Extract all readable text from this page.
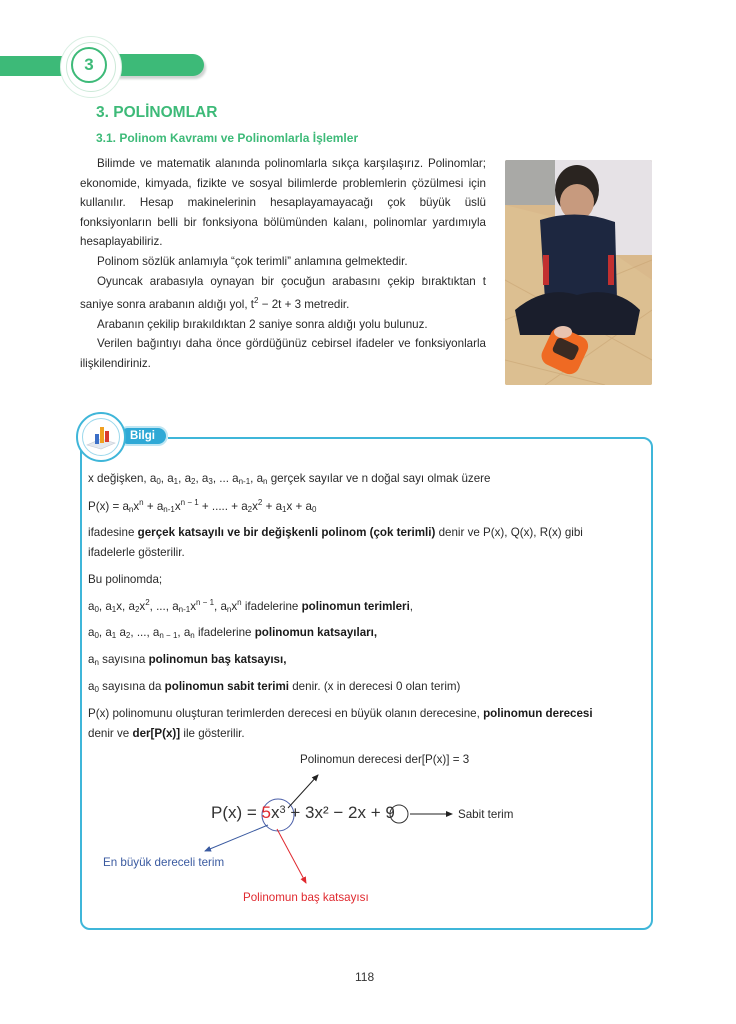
3
3. POLİNOMLAR
3.1. Polinom Kavramı ve Polinomlarla İşlemler

Bilimde ve matematik alanında polinomlarla sıkça karşılaşırız. Polinomlar; ekonomide, kimyada, fizikte ve sosyal bilimlerde problemlerin çözülmesi için kullanılır. Hesap makinelerinin hesaplayamayacağı çok büyük üslü fonksiyonların belli bir fonksiyona bölümünden kalanı, polinomlar yardımıyla hesaplayabiliriz.

Polinom sözlük anlamıyla “çok terimli” anlamına gelmektedir.

Oyuncak arabasıyla oynayan bir çocuğun arabasını çekip bıraktıktan t saniye sonra arabanın aldığı yol, $t^2 - 2t + 3$ metredir.

Arabanın çekilip bırakıldıktan 2 saniye sonra aldığı yolu bulunuz.

Verilen bağıntıyı daha önce gördüğünüz cebirsel ifadeler ve fonksiyonlarla ilişkilendiriniz.

Bilgi
x değişken, $a_0$, $a_1$, $a_2$, $a_3$, ... $a_{n-1}$, $a_n$ gerçek sayılar ve n doğal sayı olmak üzere
$P(x) = a_nx^n + a_{n-1}x^{n - 1}$ + ..... + $a_2x^2 + a_1x + a_0$
ifadesine gerçek katsayılı ve bir değişkenli polinom (çok terimli) denir ve P(x), Q(x), R(x) gibi
ifadelerle gösterilir.
Bu polinomda;
$a_0$, $a_1x$, $a_2x^2$, ..., $a_{n-1}x^{n - 1}$, $a_nx^n$ ifadelerine polinomun terimleri,
$a_0$, $a_1$ $a_2$, ..., $a_{n - 1}$, $a_n$ ifadelerine polinomun katsayıları,
$a_n$ sayısına polinomun baş katsayısı,
$a_0$ sayısına da polinomun sabit terimi denir. (x in derecesi 0 olan terim)
P(x) polinomunu oluşturan terimlerden derecesi en büyük olanın derecesine, polinomun derecesi
denir ve der[P(x)] ile gösterilir.
Polinomun derecesi der[P(x)] = 3
$P(x) = 5x^3 + 3x^2 - 2x + 9$	Sabit terim
En büyük dereceli terim
Polinomun baş katsayısı
118
